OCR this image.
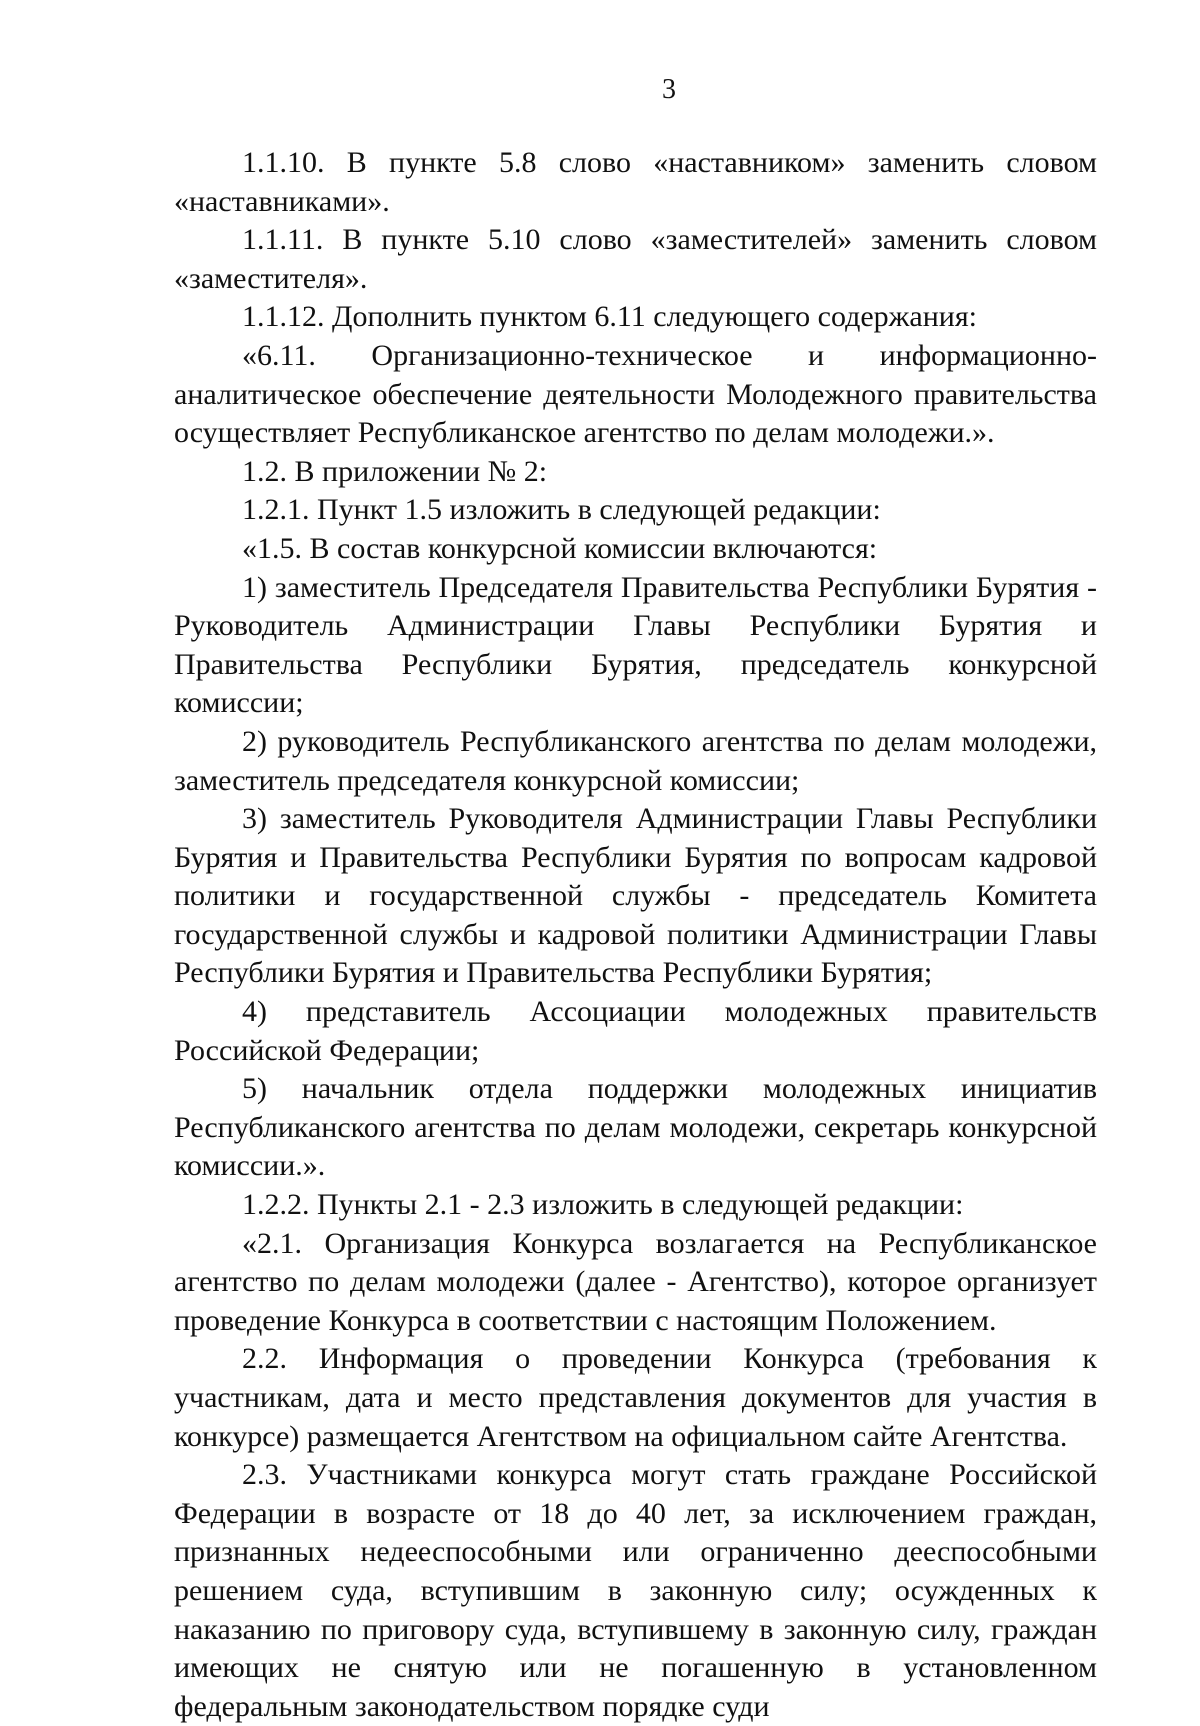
3

1.1.10. В пункте 5.8 слово «наставником» заменить словом «наставниками».

1.1.11. В пункте 5.10 слово «заместителей» заменить словом «заместителя».

1.1.12. Дополнить пунктом 6.11 следующего содержания:

«6.11. Организационно-техническое и информационно-аналитическое обеспечение деятельности Молодежного правительства осуществляет Республиканское агентство по делам молодежи.».

1.2. В приложении № 2:

1.2.1. Пункт 1.5 изложить в следующей редакции:

«1.5. В состав конкурсной комиссии включаются:

1) заместитель Председателя Правительства Республики Бурятия - Руководитель Администрации Главы Республики Бурятия и Правительства Республики Бурятия, председатель конкурсной комиссии;

2) руководитель Республиканского агентства по делам молодежи, заместитель председателя конкурсной комиссии;

3) заместитель Руководителя Администрации Главы Республики Бурятия и Правительства Республики Бурятия по вопросам кадровой политики и государственной службы - председатель Комитета государственной службы и кадровой политики Администрации Главы Республики Бурятия и Правительства Республики Бурятия;

4) представитель Ассоциации молодежных правительств Российской Федерации;

5) начальник отдела поддержки молодежных инициатив Республиканского агентства по делам молодежи, секретарь конкурсной комиссии.».

1.2.2. Пункты 2.1 - 2.3 изложить в следующей редакции:

«2.1. Организация Конкурса возлагается на Республиканское агентство по делам молодежи (далее - Агентство), которое организует проведение Конкурса в соответствии с настоящим Положением.

2.2. Информация о проведении Конкурса (требования к участникам, дата и место представления документов для участия в конкурсе) размещается Агентством на официальном сайте Агентства.

2.3. Участниками конкурса могут стать граждане Российской Федерации в возрасте от 18 до 40 лет, за исключением граждан, признанных недееспособными или ограниченно дееспособными решением суда, вступившим в законную силу; осужденных к наказанию по приговору суда, вступившему в законную силу, граждан имеющих не снятую или не погашенную в установленном федеральным законодательством порядке суди
